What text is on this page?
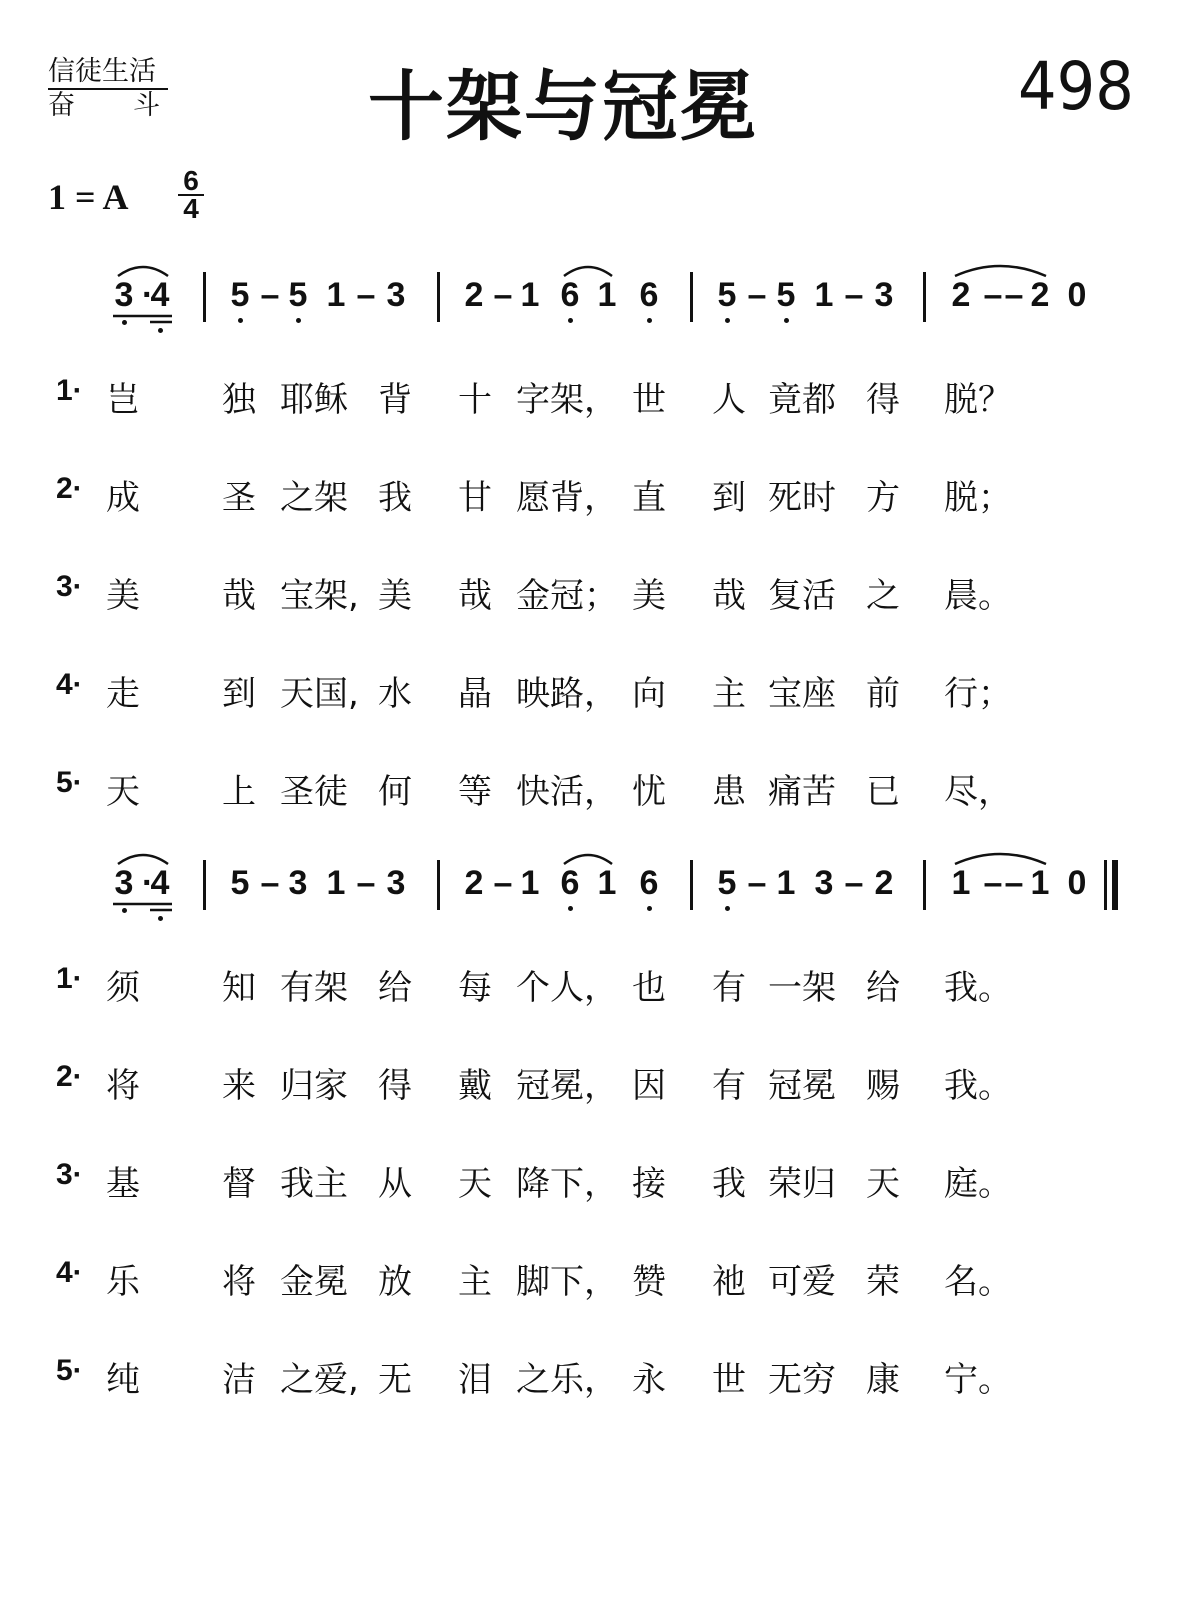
信徒生活
奋 斗	十架与冠冕	498
1 = A $\frac{6}{4}$
3 ·
4 5 – 5 1 – 3 2 – 1 6 1 6 5 – 5 1 – 3 2 – – 2 0
3 ·
4 5 – 3 1 – 3 2 – 1 6 1 6 5 – 1 3 – 2 1 – – 1 0
1· 岂 独 耶稣 背 十 字架， 世 人 竟都 得 脱？
2· 成 圣 之架 我 甘 愿背， 直 到 死时 方 脱；
3· 美 哉 宝架, 美 哉 金冠； 美 哉 复活 之 晨。
4· 走 到 天国, 水 晶 映路， 向 主 宝座 前 行；
5· 天 上 圣徒 何 等 快活， 忧 患 痛苦 已 尽，
1· 须 知 有架 给 每 个人， 也 有 一架 给 我。
2· 将 来 归家 得 戴 冠冕， 因 有 冠冕 赐 我。
3· 基 督 我主 从 天 降下， 接 我 荣归 天 庭。
4· 乐 将 金冕 放 主 脚下， 赞 祂 可爱 荣 名。
5· 纯 洁 之爱, 无 泪 之乐， 永 世 无穷 康 宁。
